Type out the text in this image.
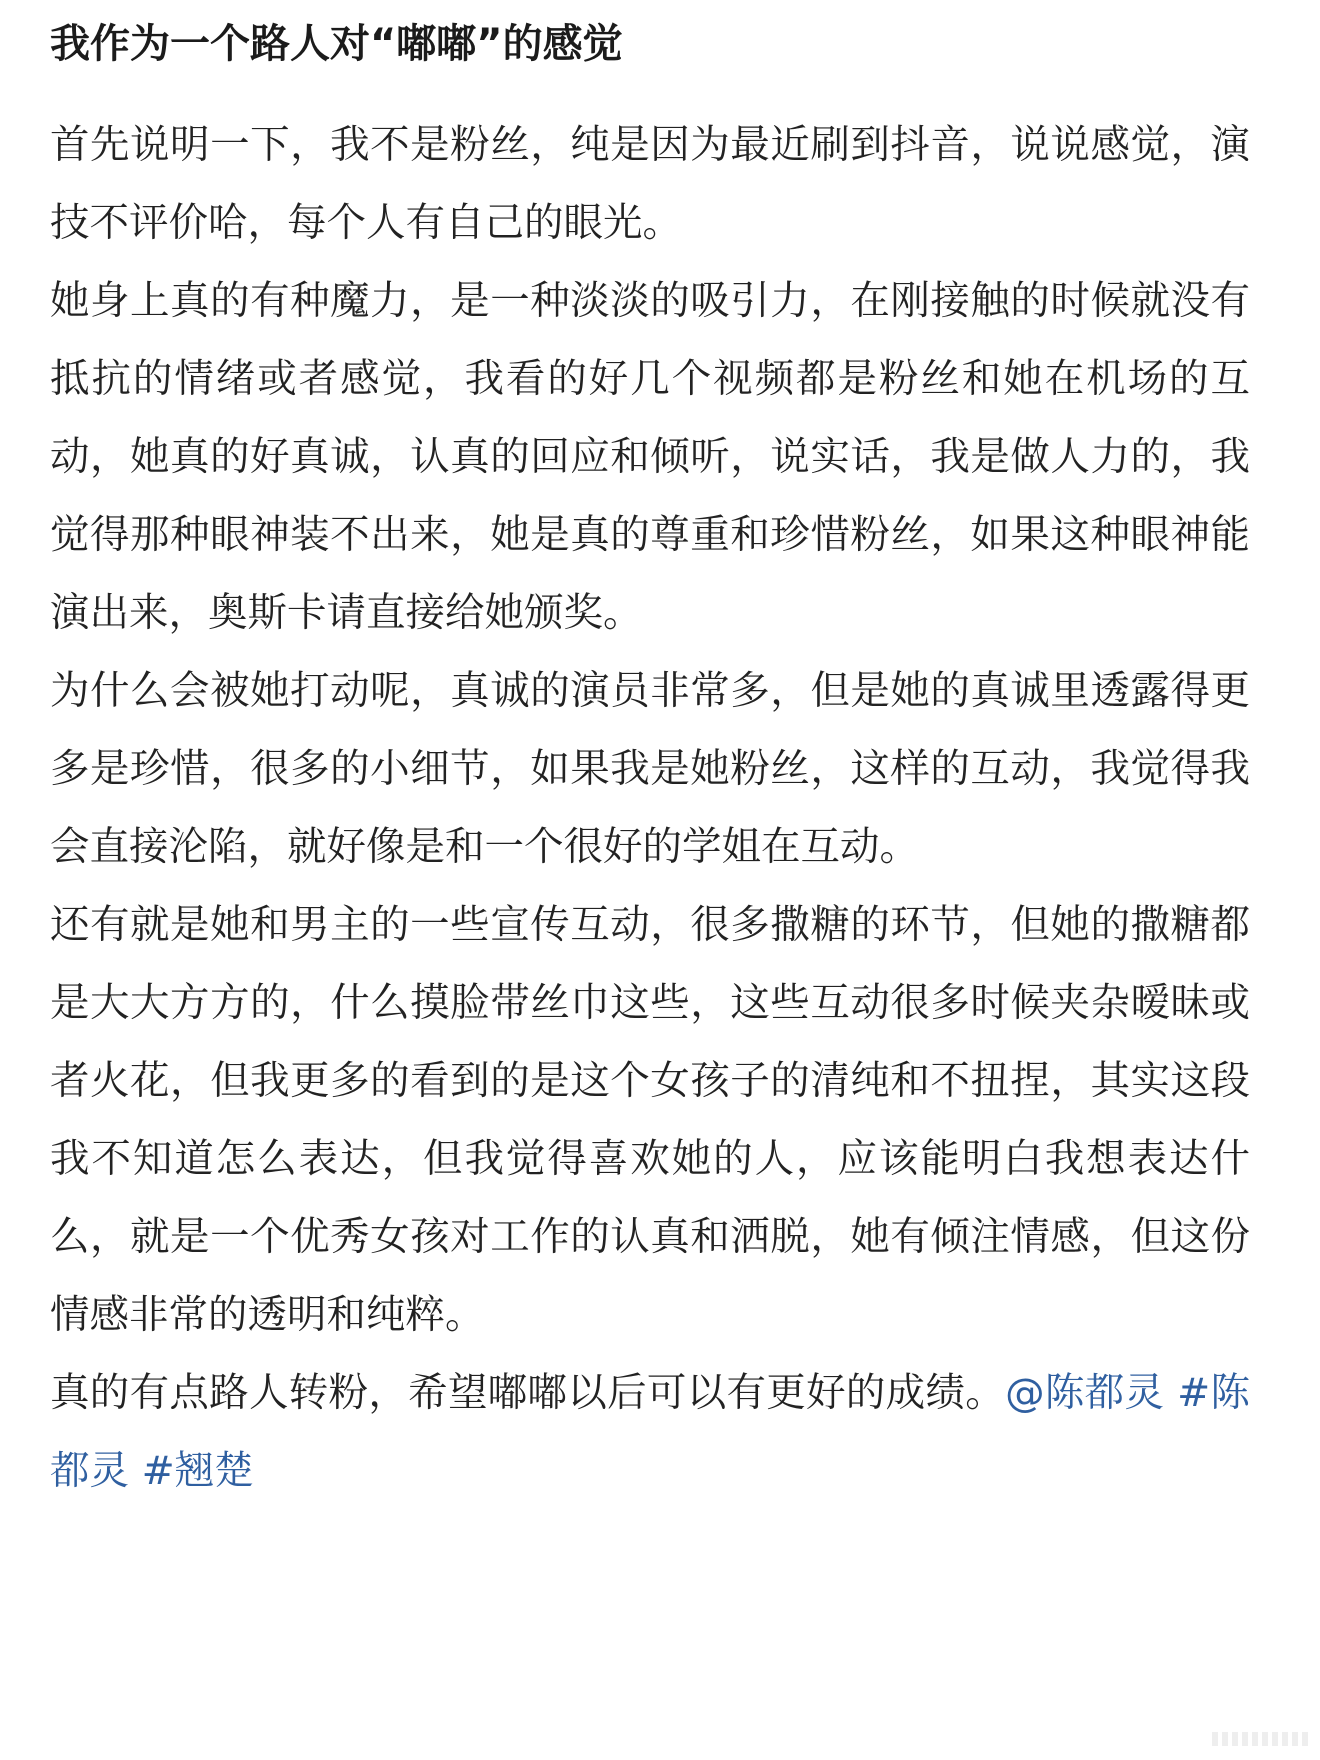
我作为一个路人对“嘟嘟”的感觉

首先说明一下，我不是粉丝，纯是因为最近刷到抖音，说说感觉，演技不评价哈，每个人有自己的眼光。

她身上真的有种魔力，是一种淡淡的吸引力，在刚接触的时候就没有抵抗的情绪或者感觉，我看的好几个视频都是粉丝和她在机场的互动，她真的好真诚，认真的回应和倾听，说实话，我是做人力的，我觉得那种眼神装不出来，她是真的尊重和珍惜粉丝，如果这种眼神能演出来，奥斯卡请直接给她颁奖。

为什么会被她打动呢，真诚的演员非常多，但是她的真诚里透露得更多是珍惜，很多的小细节，如果我是她粉丝，这样的互动，我觉得我会直接沦陷，就好像是和一个很好的学姐在互动。

还有就是她和男主的一些宣传互动，很多撒糖的环节，但她的撒糖都是大大方方的，什么摸脸带丝巾这些，这些互动很多时候夹杂暧昧或者火花，但我更多的看到的是这个女孩子的清纯和不扭捏，其实这段我不知道怎么表达，但我觉得喜欢她的人，应该能明白我想表达什么，就是一个优秀女孩对工作的认真和洒脱，她有倾注情感，但这份情感非常的透明和纯粹。

真的有点路人转粉，希望嘟嘟以后可以有更好的成绩。@陈都灵 #陈都灵 #翘楚
